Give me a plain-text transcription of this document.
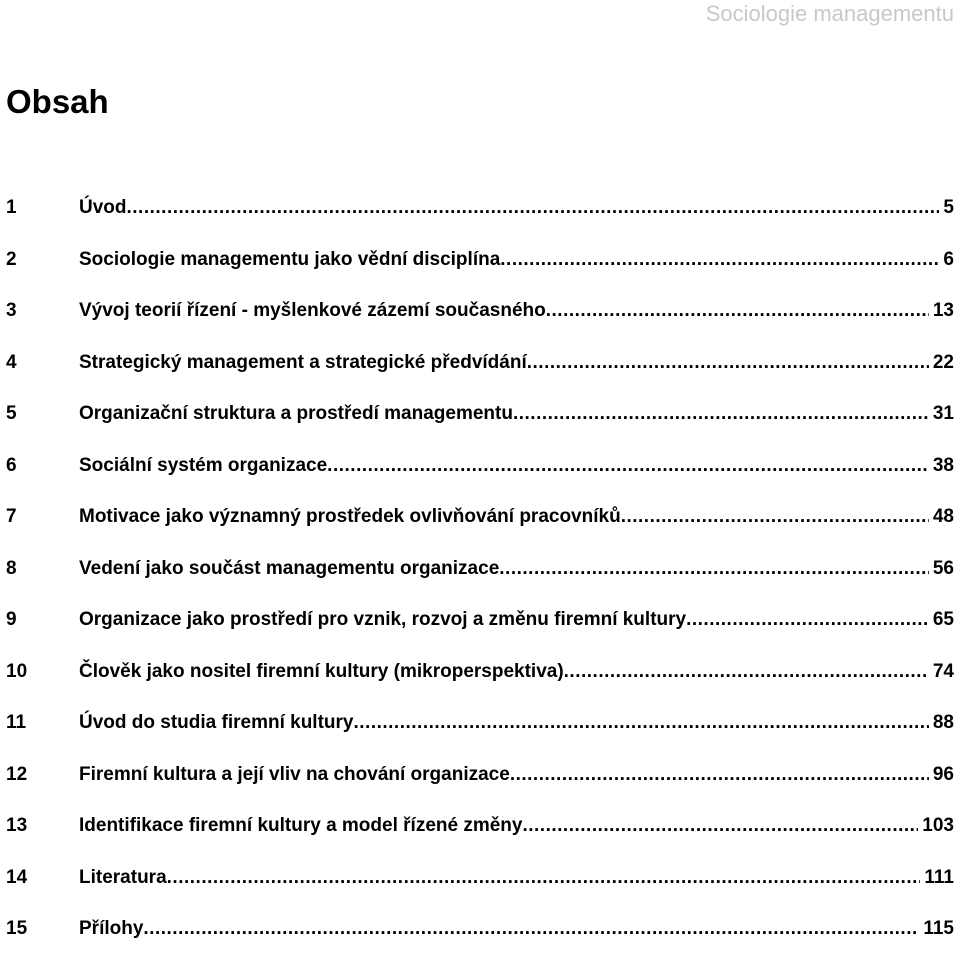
Sociologie managementu
Obsah
1	Úvod .....	5
2	Sociologie managementu jako vědní disciplína .....	6
3	Vývoj teorií řízení - myšlenkové zázemí současného .....	13
4	Strategický management a strategické předvídání .....	22
5	Organizační struktura a prostředí managementu .....	31
6	Sociální systém organizace .....	38
7	Motivace jako významný prostředek ovlivňování pracovníků .....	48
8	Vedení jako součást managementu organizace .....	56
9	Organizace jako prostředí pro vznik, rozvoj a změnu firemní kultury .....	65
10	Člověk jako nositel firemní kultury (mikroperspektiva) .....	74
11	Úvod do studia firemní kultury .....	88
12	Firemní kultura a její vliv na chování organizace .....	96
13	Identifikace firemní kultury a model řízené změny .....	103
14	Literatura .....	111
15	Přílohy .....	115
